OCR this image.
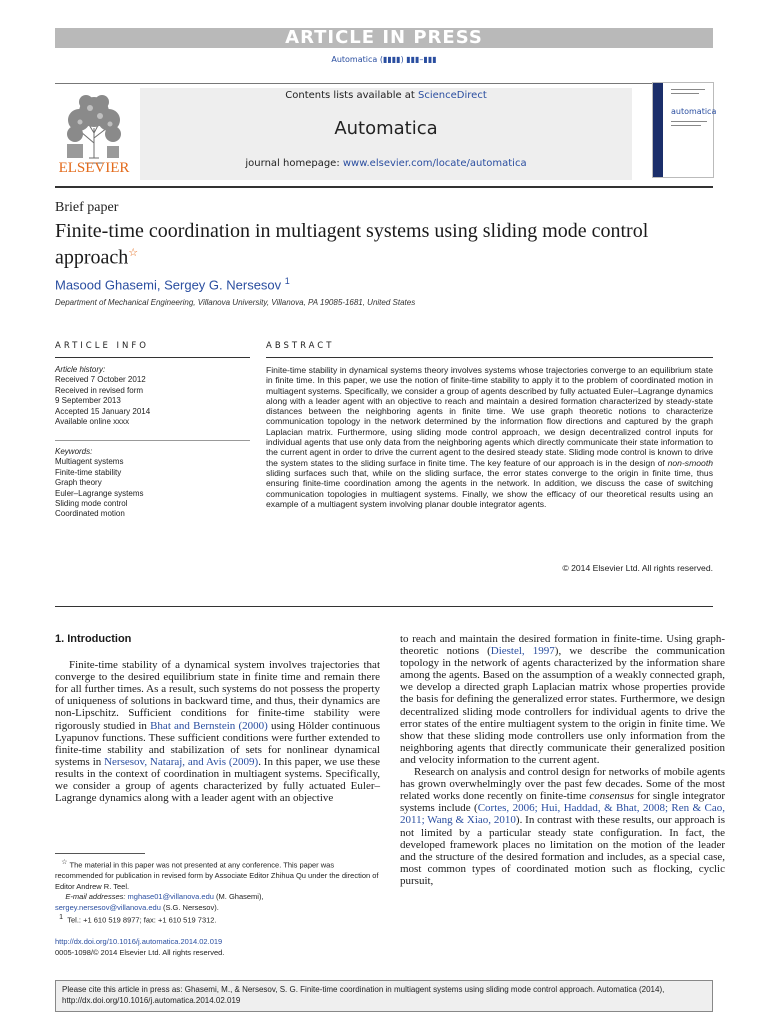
ARTICLE IN PRESS
Automatica (▮▮▮▮) ▮▮▮–▮▮▮
ELSEVIER
Contents lists available at ScienceDirect
Automatica
journal homepage: www.elsevier.com/locate/automatica
automatica
Brief paper
Finite-time coordination in multiagent systems using sliding mode control approach☆
Masood Ghasemi, Sergey G. Nersesov $^1$
Department of Mechanical Engineering, Villanova University, Villanova, PA 19085-1681, United States
ARTICLE INFO	ABSTRACT
Article history:
Received 7 October 2012
Received in revised form
9 September 2013
Accepted 15 January 2014
Available online xxxx
Keywords:
Multiagent systems
Finite-time stability
Graph theory
Euler–Lagrange systems
Sliding mode control
Coordinated motion
Finite-time stability in dynamical systems theory involves systems whose trajectories converge to an equilibrium state in finite time. In this paper, we use the notion of finite-time stability to apply it to the problem of coordinated motion in multiagent systems. Specifically, we consider a group of agents described by fully actuated Euler–Lagrange dynamics along with a leader agent with an objective to reach and maintain a desired formation characterized by steady-state distances between the neighboring agents in finite time. We use graph theoretic notions to characterize communication topology in the network determined by the information flow directions and captured by the graph Laplacian matrix. Furthermore, using sliding mode control approach, we design decentralized control inputs for individual agents that use only data from the neighboring agents which directly communicate their state information to the current agent in order to drive the current agent to the desired steady state. Sliding mode control is known to drive the system states to the sliding surface in finite time. The key feature of our approach is in the design of non-smooth sliding surfaces such that, while on the sliding surface, the error states converge to the origin in finite time, thus ensuring finite-time coordination among the agents in the network. In addition, we discuss the case of switching communication topologies in multiagent systems. Finally, we show the efficacy of our theoretical results using an example of a multiagent system involving planar double integrator agents.
© 2014 Elsevier Ltd. All rights reserved.
1. Introduction

Finite-time stability of a dynamical system involves trajectories that converge to the desired equilibrium state in finite time and remain there for all further times. As a result, such systems do not possess the property of uniqueness of solutions in backward time, and thus, their dynamics are non-Lipschitz. Sufficient conditions for finite-time stability were rigorously studied in Bhat and Bernstein (2000) using Hölder continuous Lyapunov functions. These sufficient conditions were further extended to finite-time stability and stabilization of sets for nonlinear dynamical systems in Nersesov, Nataraj, and Avis (2009). In this paper, we use these results in the context of coordination in multiagent systems. Specifically, we consider a group of agents characterized by fully actuated Euler–Lagrange dynamics along with a leader agent with an objective

to reach and maintain the desired formation in finite-time. Using graph-theoretic notions (Diestel, 1997), we describe the communication topology in the network of agents characterized by the information share among the agents. Based on the assumption of a weakly connected graph, we develop a directed graph Laplacian matrix whose properties provide the basis for defining the generalized error states. Furthermore, we design decentralized sliding mode controllers for individual agents to drive the error states of the entire multiagent system to the origin in finite time. We show that these sliding mode controllers use only information from the neighboring agents that directly communicate their generalized position and velocity information to the current agent.

Research on analysis and control design for networks of mobile agents has grown overwhelmingly over the past few decades. Some of the most related works done recently on finite-time consensus for single integrator systems include (Cortes, 2006; Hui, Haddad, & Bhat, 2008; Ren & Cao, 2011; Wang & Xiao, 2010). In contrast with these results, our approach is not limited by a particular steady state configuration. In fact, the developed framework places no limitation on the motion of the leader and the structure of the desired formation and includes, as a special case, most common types of coordinated motion such as flocking, cyclic pursuit,

☆ The material in this paper was not presented at any conference. This paper was recommended for publication in revised form by Associate Editor Zhihua Qu under the direction of Editor Andrew R. Teel.
E-mail addresses: mghase01@villanova.edu (M. Ghasemi),
sergey.nersesov@villanova.edu (S.G. Nersesov).
1 Tel.: +1 610 519 8977; fax: +1 610 519 7312.
http://dx.doi.org/10.1016/j.automatica.2014.02.019
0005-1098/© 2014 Elsevier Ltd. All rights reserved.
Please cite this article in press as: Ghasemi, M., & Nersesov, S. G. Finite-time coordination in multiagent systems using sliding mode control approach. Automatica (2014), http://dx.doi.org/10.1016/j.automatica.2014.02.019
